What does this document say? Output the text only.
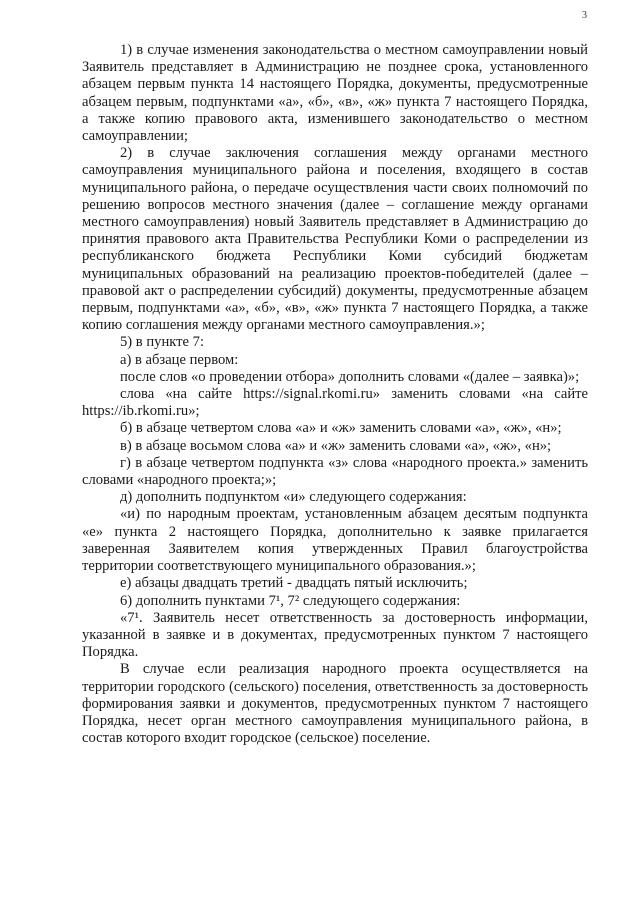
3

1) в случае изменения законодательства о местном самоуправлении новый Заявитель представляет в Администрацию не позднее срока, установленного абзацем первым пункта 14 настоящего Порядка, документы, предусмотренные абзацем первым, подпунктами «а», «б», «в», «ж» пункта 7 настоящего Порядка, а также копию правового акта, изменившего законодательство о местном самоуправлении;

2) в случае заключения соглашения между органами местного самоуправления муниципального района и поселения, входящего в состав муниципального района, о передаче осуществления части своих полномочий по решению вопросов местного значения (далее – соглашение между органами местного самоуправления) новый Заявитель представляет в Администрацию до принятия правового акта Правительства Республики Коми о распределении из республиканского бюджета Республики Коми субсидий бюджетам муниципальных образований на реализацию проектов-победителей (далее – правовой акт о распределении субсидий) документы, предусмотренные абзацем первым, подпунктами «а», «б», «в», «ж» пункта 7 настоящего Порядка, а также копию соглашения между органами местного самоуправления.»;

5) в пункте 7:

а) в абзаце первом:

после слов «о проведении отбора» дополнить словами «(далее – заявка)»;

слова «на сайте https://signal.rkomi.ru» заменить словами «на сайте https://ib.rkomi.ru»;

б) в абзаце четвертом слова «а» и «ж» заменить словами «а», «ж», «н»;

в) в абзаце восьмом слова «а» и «ж» заменить словами «а», «ж», «н»;

г) в абзаце четвертом подпункта «з» слова «народного проекта.» заменить словами «народного проекта;»;

д) дополнить подпунктом «и» следующего содержания:

«и) по народным проектам, установленным абзацем десятым подпункта «е» пункта 2 настоящего Порядка, дополнительно к заявке прилагается заверенная Заявителем копия утвержденных Правил благоустройства территории соответствующего муниципального образования.»;

е) абзацы двадцать третий - двадцать пятый исключить;

6) дополнить пунктами 7¹, 7² следующего содержания:

«7¹. Заявитель несет ответственность за достоверность информации, указанной в заявке и в документах, предусмотренных пунктом 7 настоящего Порядка.

В случае если реализация народного проекта осуществляется на территории городского (сельского) поселения, ответственность за достоверность формирования заявки и документов, предусмотренных пунктом 7 настоящего Порядка, несет орган местного самоуправления муниципального района, в состав которого входит городское (сельское) поселение.
